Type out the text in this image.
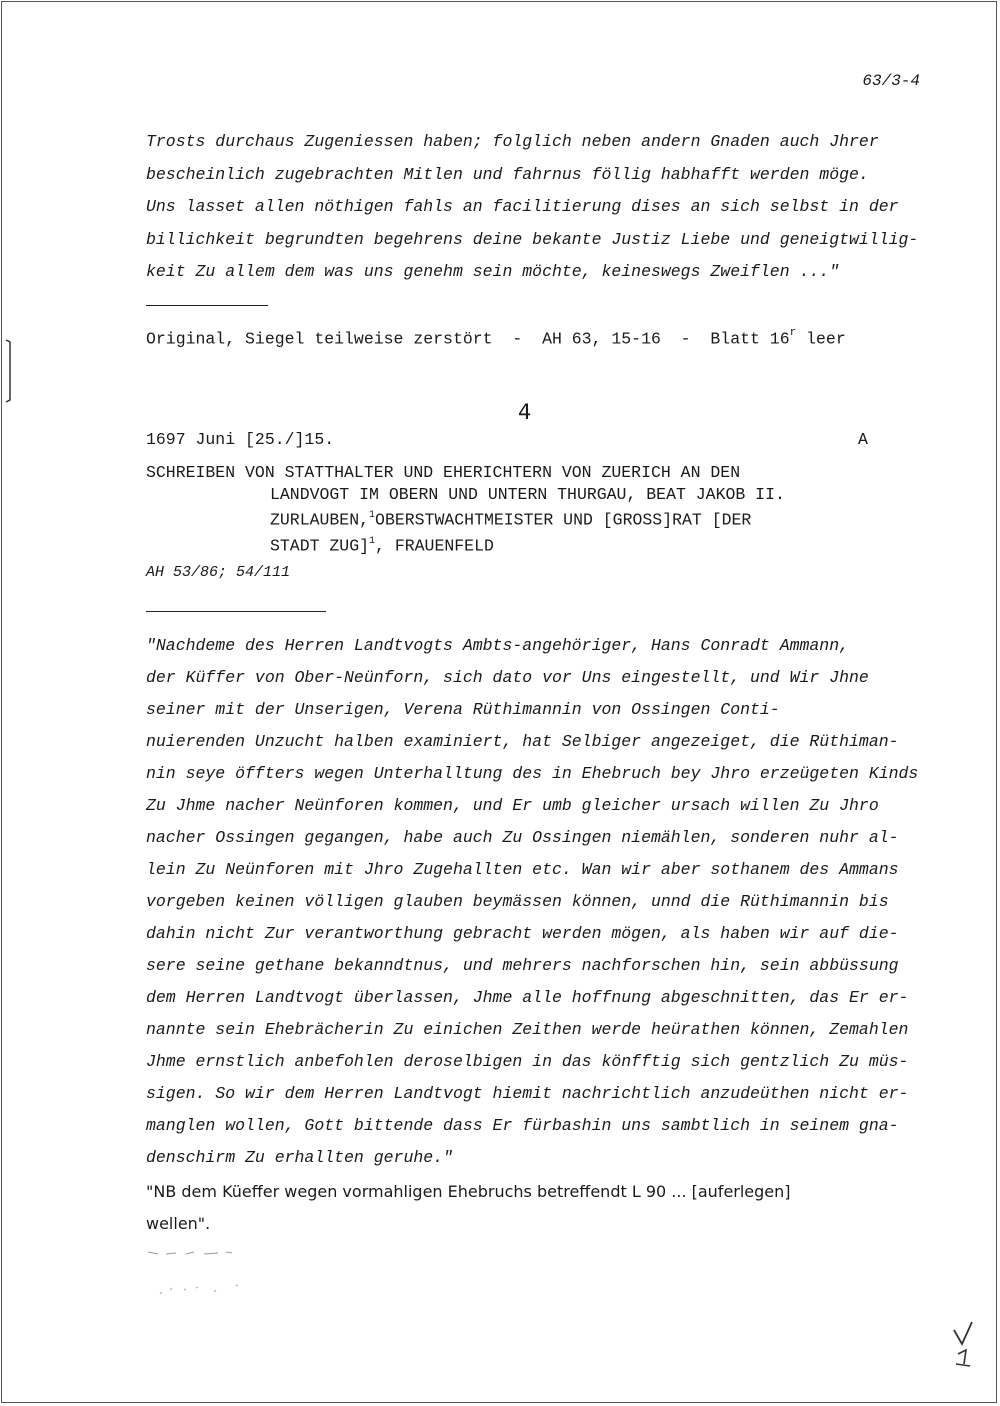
63/3-4
Trosts durchaus Zugeniessen haben; folglich neben andern Gnaden auch Jhrer
bescheinlich zugebrachten Mitlen und fahrnus föllig habhafft werden möge.
Uns lasset allen nöthigen fahls an facilitierung dises an sich selbst in der
billichkeit begrundten begehrens deine bekante Justiz Liebe und geneigtwillig-
keit Zu allem dem was uns genehm sein möchte, keineswegs Zweiflen ..."
Original, Siegel teilweise zerstört  -  AH 63, 15-16  -  Blatt 16$^r$ leer
4
1697 Juni [25./]15.	A
SCHREIBEN VON STATTHALTER UND EHERICHTERN VON ZUERICH AN DEN
LANDVOGT IM OBERN UND UNTERN THURGAU, BEAT JAKOB II.
ZURLAUBEN,$^1$OBERSTWACHTMEISTER UND [GROSS]RAT [DER
STADT ZUG]$^1$, FRAUENFELD
AH 53/86; 54/111
"Nachdeme des Herren Landtvogts Ambts-angehöriger, Hans Conradt Ammann,
der Küffer von Ober-Neünforn, sich dato vor Uns eingestellt, und Wir Jhne
seiner mit der Unserigen, Verena Rüthimannin von Ossingen Conti-
nuierenden Unzucht halben examiniert, hat Selbiger angezeiget, die Rüthiman-
nin seye öffters wegen Unterhalltung des in Ehebruch bey Jhro erzeügeten Kinds
Zu Jhme nacher Neünforen kommen, und Er umb gleicher ursach willen Zu Jhro
nacher Ossingen gegangen, habe auch Zu Ossingen niemählen, sonderen nuhr al-
lein Zu Neünforen mit Jhro Zugehallten etc. Wan wir aber sothanem des Ammans
vorgeben keinen völligen glauben beymässen können, unnd die Rüthimannin bis
dahin nicht Zur verantworthung gebracht werden mögen, als haben wir auf die-
sere seine gethane bekanndtnus, und mehrers nachforschen hin, sein abbüssung
dem Herren Landtvogt überlassen, Jhme alle hoffnung abgeschnitten, das Er er-
nannte sein Ehebrächerin Zu einichen Zeithen werde heürathen können, Zemahlen
Jhme ernstlich anbefohlen deroselbigen in das könfftig sich gentzlich Zu müs-
sigen. So wir dem Herren Landtvogt hiemit nachrichtlich anzudeüthen nicht er-
manglen wollen, Gott bittende dass Er fürbashin uns sambtlich in seinem gna-
denschirm Zu erhallten geruhe."
"NB dem Küeffer wegen vormahligen Ehebruchs betreffendt L 90 ... [auferlegen]
wellen".
